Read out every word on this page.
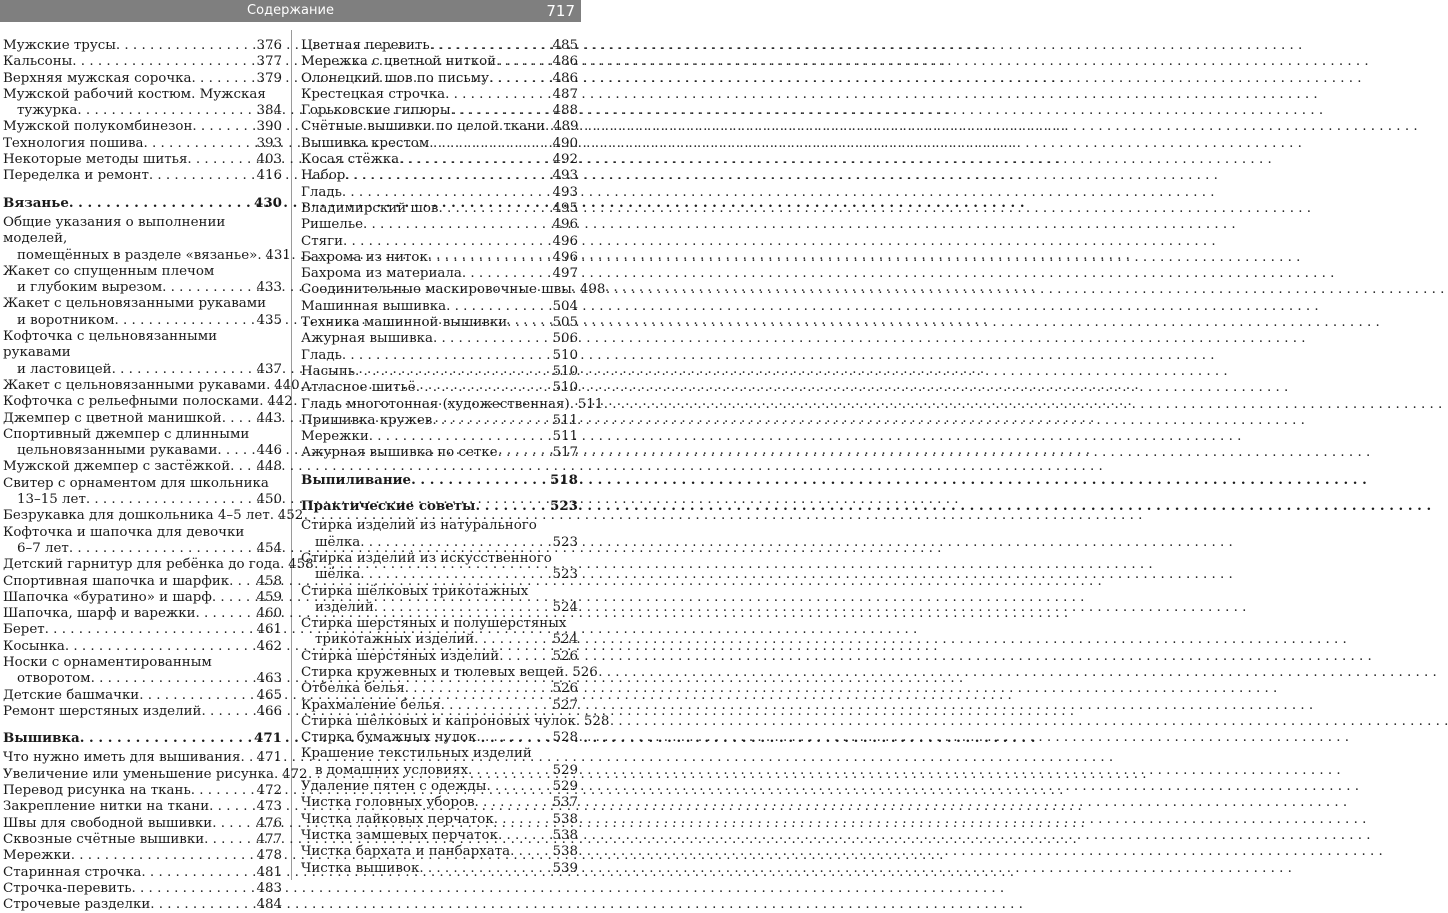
Содержание	717
Мужские трусы . . .	376
Кальсоны . . .	377
Верхняя мужская сорочка . . .	379
Мужской рабочий костюм. Мужская
тужурка . . .	384
Мужской полукомбинезон . . .	390
Технология пошива . . .	393
Некоторые методы шитья . . .	403
Переделка и ремонт . . .	416
Вязанье . . .	430
Общие указания о выполнении моделей,
помещённых в разделе «вязанье» . . . 431
Жакет со спущенным плечом
и глубоким вырезом . . .	433
Жакет с цельновязанными рукавами
и воротником . . .	435
Кофточка с цельновязанными рукавами
и ластовицей . . .	437
Жакет с цельновязанными рукавами . . . 440
Кофточка с рельефными полосками . . . 442
Джемпер с цветной манишкой . . .	443
Спортивный джемпер с длинными
цельновязанными рукавами . . .	446
Мужской джемпер с застёжкой . . . 448
Свитер с орнаментом для школьника
13–15 лет . . .	450
Безрукавка для дошкольника 4–5 лет . . . 452
Кофточка и шапочка для девочки
6–7 лет . . .	454
Детский гарнитур для ребёнка до года . . . 458
Спортивная шапочка и шарфик . . . 458
Шапочка «буратино» и шарф . . .	459
Шапочка, шарф и варежки . . .	460
Берет . . .	461
Косынка . . .	462
Носки с орнаментированным
отворотом . . .	463
Детские башмачки . . .	465
Ремонт шерстяных изделий . . .	466
Вышивка . . .	471
Что нужно иметь для вышивания . . . 471
Увеличение или уменьшение рисунка . . . 472
Перевод рисунка на ткань . . .	472
Закрепление нитки на ткани . . .	473
Швы для свободной вышивки . . .	476
Сквозные счётные вышивки . . .	477
Мережки . . .	478
Старинная строчка . . .	481
Строчка-перевить . . .	483
Строчевые разделки . . .	484
Цветная перевить . . .	485
Мережка с цветной ниткой . . .	486
Олонецкий шов по письму . . .	486
Крестецкая строчка . . .	487
Горьковские гипюры . . .	488
Счётные вышивки по целой ткани . . . 489
Вышивка крестом . . .	490
Косая стёжка . . .	492
Набор . . .	493
Гладь . . .	493
Владимирский шов . . .	495
Ришелье . . .	496
Стяги . . .	496
Бахрома из ниток . . .	496
Бахрома из материала . . .	497
Соединительные маскировочные швы . . . 498
Машинная вышивка . . .	504
Техника машинной вышивки . . .	505
Ажурная вышивка . . .	506
Гладь . . .	510
Насыпь . . .	510
Атласное шитьё . . .	510
Гладь многотонная (художественная) . . . 511
Пришивка кружев . . .	511
Мережки . . .	511
Ажурная вышивка по сетке . . .	517
Выпиливание . . .	518
Практические советы . . .	523
Стирка изделий из натурального
шёлка . . .	523
Стирка изделий из искусственного
шёлка . . .	523
Стирка шёлковых трикотажных
изделий . . .	524
Стирка шерстяных и полушерстяных
трикотажных изделий . . .	524
Стирка шерстяных изделий . . .	526
Стирка кружевных и тюлевых вещей . . . 526
Отбелка белья . . .	526
Крахмаление белья . . .	527
Стирка шёлковых и капроновых чулок . . . 528
Стирка бумажных чулок . . .	528
Крашение текстильных изделий
в домашних условиях . . .	529
Удаление пятен с одежды . . .	529
Чистка головных уборов . . .	537
Чистка лайковых перчаток . . .	538
Чистка замшевых перчаток . . .	538
Чистка бархата и панбархата . . .	538
Чистка вышивок . . .	539
